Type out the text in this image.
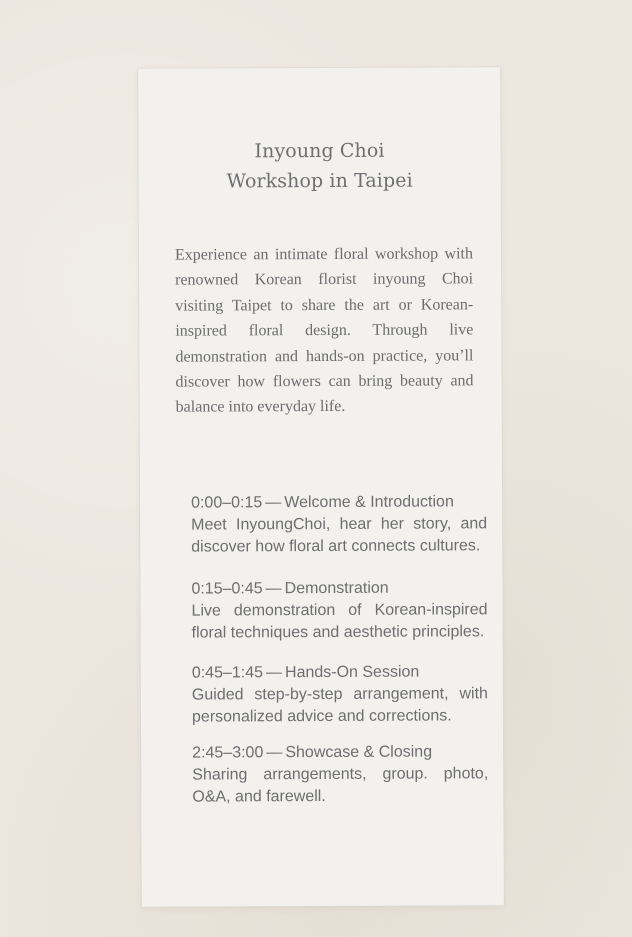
Inyoung Choi
Workshop in Taipei
Experience an intimate floral workshop with renowned Korean florist inyoung Choi visiting Taipet to share the art or Korean-inspired floral design. Through live demonstration and hands-on practice, you’ll discover how flowers can bring beauty and balance into everyday life.
0:00–0:15 — Welcome & Introduction
Meet InyoungChoi, hear her story, and discover how floral art connects cultures.
0:15–0:45 — Demonstration
Live demonstration of Korean-inspired floral techniques and aesthetic principles.
0:45–1:45 — Hands-On Session
Guided step-by-step arrangement, with personalized advice and corrections.
2:45–3:00 — Showcase & Closing
Sharing arrangements, group. photo, O&A, and farewell.
